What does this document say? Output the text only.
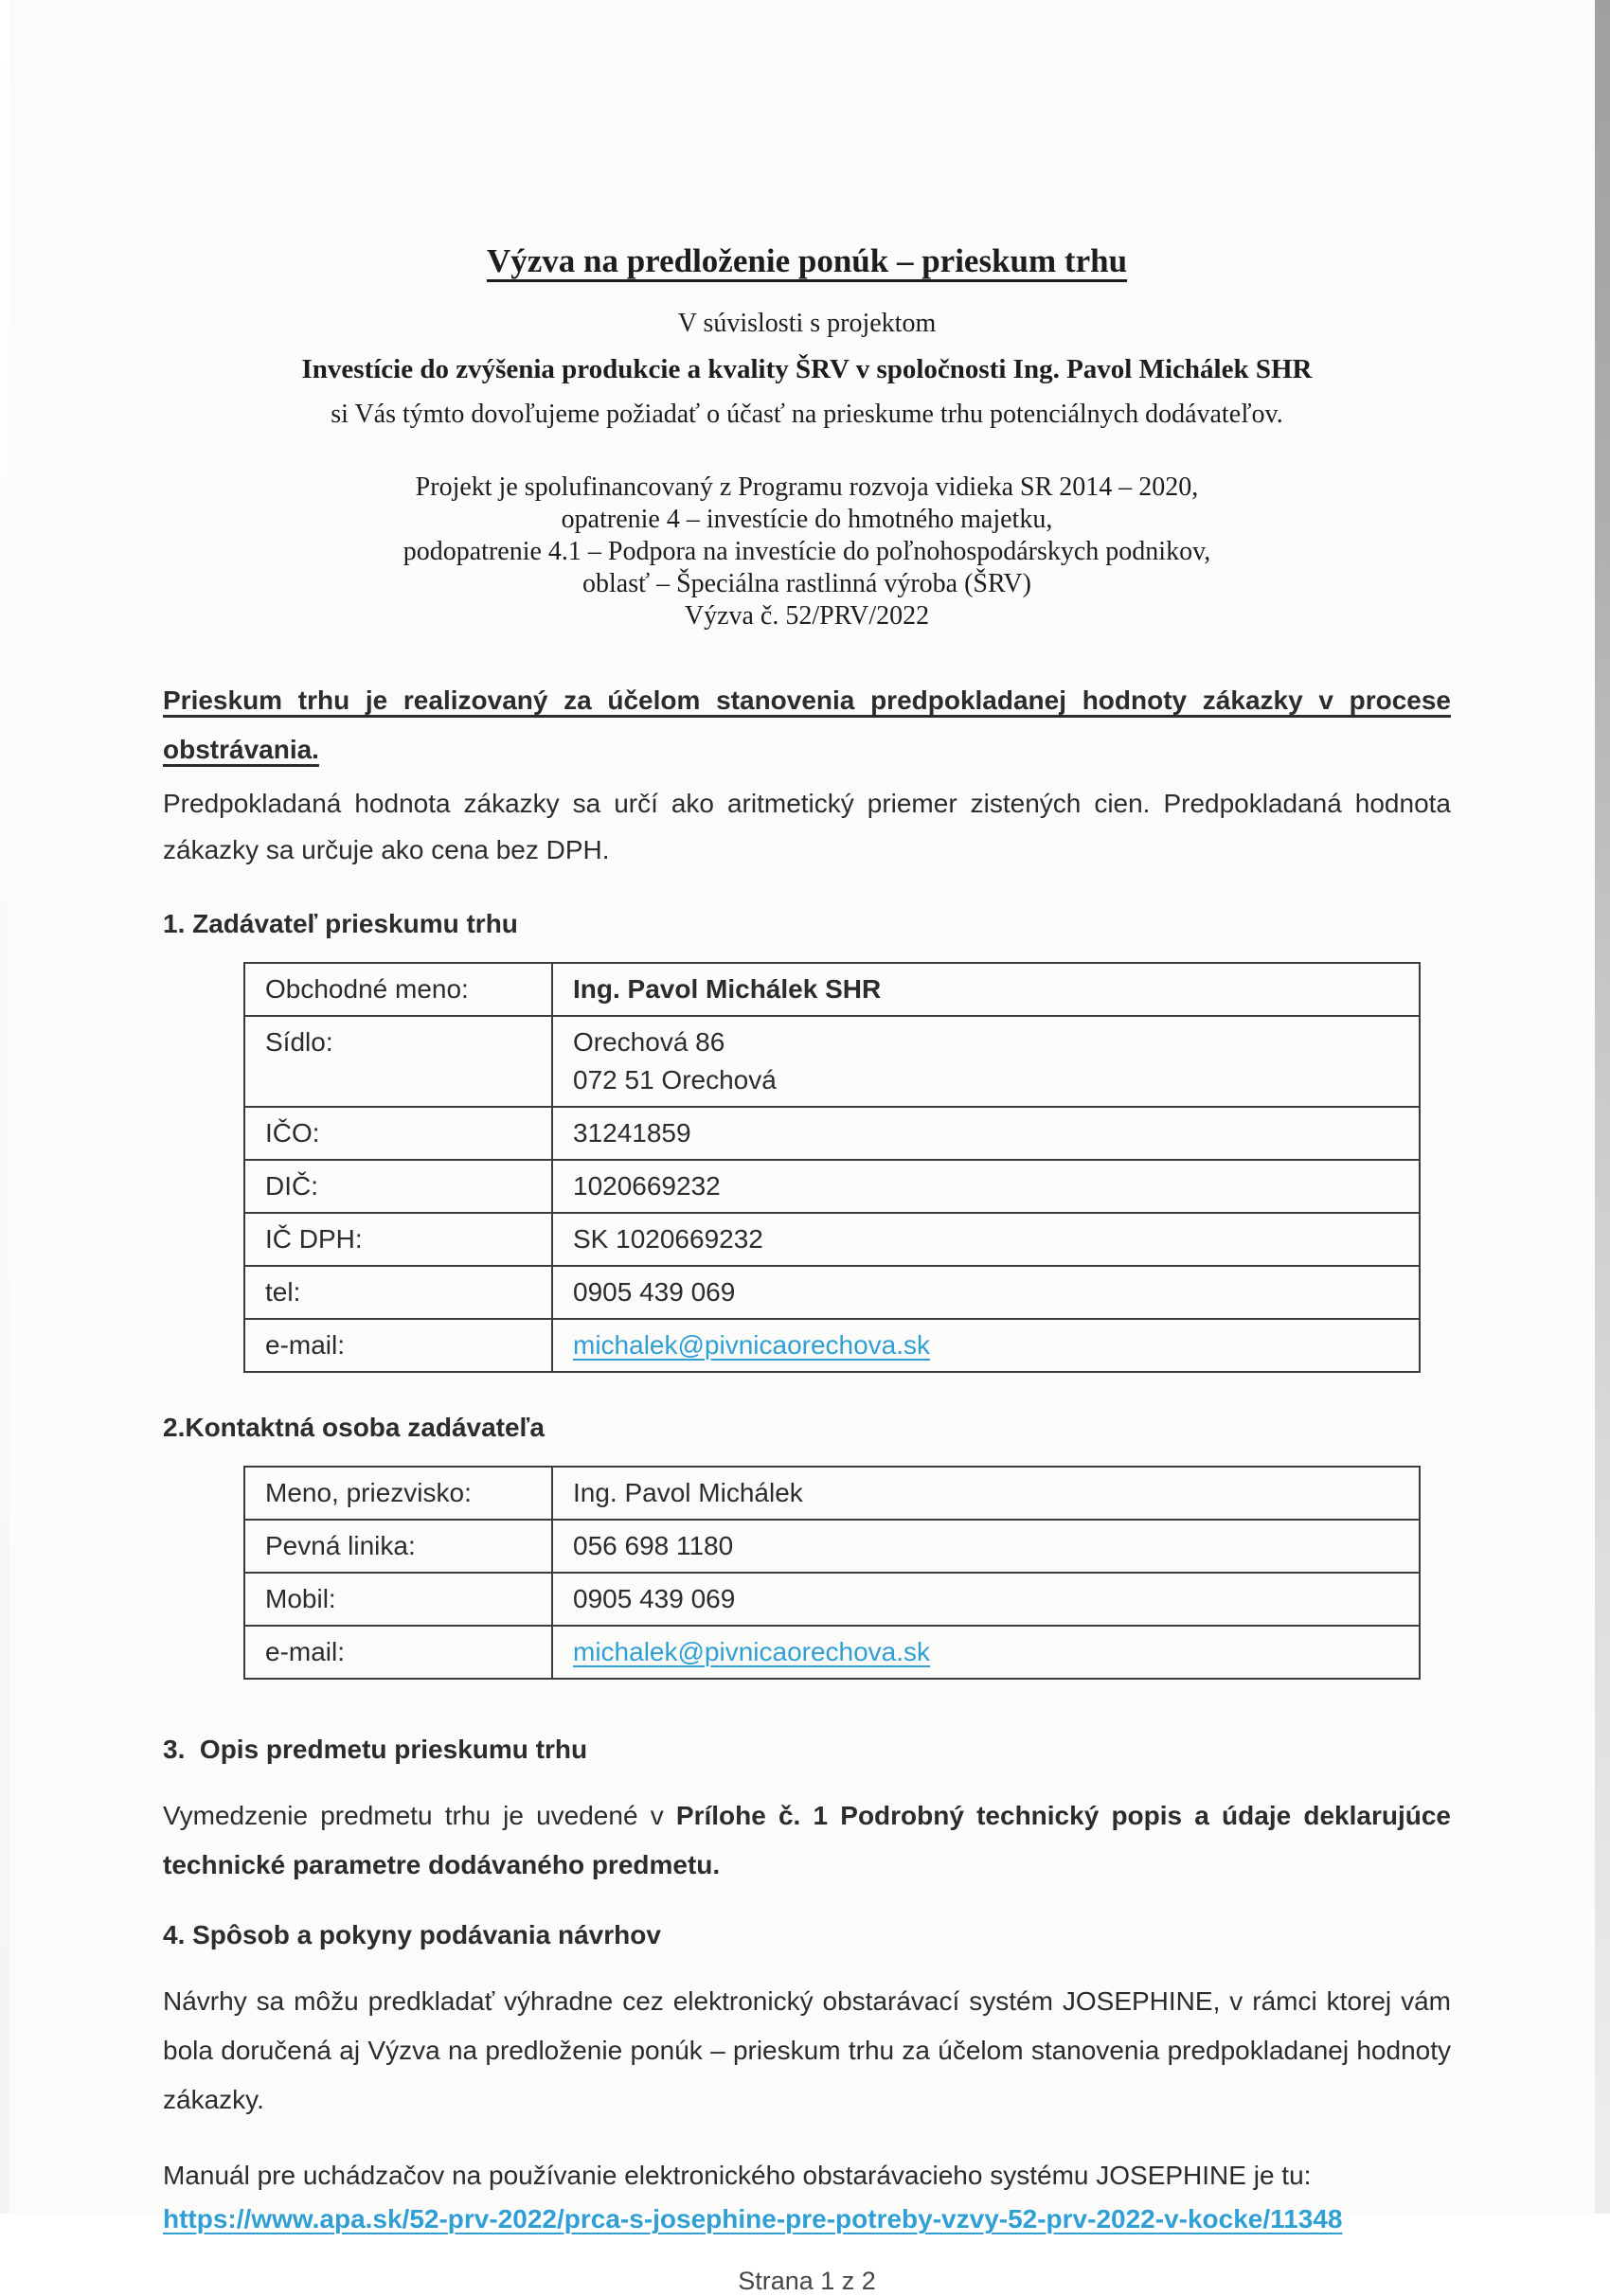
Výzva na predloženie ponúk – prieskum trhu
V súvislosti s projektom
Investície do zvýšenia produkcie a kvality ŠRV v spoločnosti Ing. Pavol Michálek SHR
si Vás týmto dovoľujeme požiadať o účasť na prieskume trhu potenciálnych dodávateľov.
Projekt je spolufinancovaný z Programu rozvoja vidieka SR 2014 – 2020,
opatrenie 4 – investície do hmotného majetku,
podopatrenie 4.1 – Podpora na investície do poľnohospodárskych podnikov,
oblasť – Špeciálna rastlinná výroba (ŠRV)
Výzva č. 52/PRV/2022
Prieskum trhu je realizovaný za účelom stanovenia predpokladanej hodnoty zákazky v procese obstrávania.
Predpokladaná hodnota zákazky sa určí ako aritmetický priemer zistených cien. Predpokladaná hodnota zákazky sa určuje ako cena bez DPH.
1. Zadávateľ prieskumu trhu
Obchodné meno:	Ing. Pavol Michálek SHR
Sídlo:	Orechová 86
072 51 Orechová

IČO:	31241859
DIČ:	1020669232
IČ DPH:	SK 1020669232
tel:	0905 439 069
e-mail:	michalek@pivnicaorechova.sk
2.Kontaktná osoba zadávateľa
Meno, priezvisko:	Ing. Pavol Michálek
Pevná linika:	056 698 1180
Mobil:	0905 439 069
e-mail:	michalek@pivnicaorechova.sk
3.  Opis predmetu prieskumu trhu
Vymedzenie predmetu trhu je uvedené v Prílohe č. 1 Podrobný technický popis a údaje deklarujúce technické parametre dodávaného predmetu.
4. Spôsob a pokyny podávania návrhov
Návrhy sa môžu predkladať výhradne cez elektronický obstarávací systém JOSEPHINE, v rámci ktorej vám bola doručená aj Výzva na predloženie ponúk – prieskum trhu za účelom stanovenia predpokladanej hodnoty zákazky.
Manuál pre uchádzačov na používanie elektronického obstarávacieho systému JOSEPHINE je tu:
https://www.apa.sk/52-prv-2022/prca-s-josephine-pre-potreby-vzvy-52-prv-2022-v-kocke/11348
Strana 1 z 2
